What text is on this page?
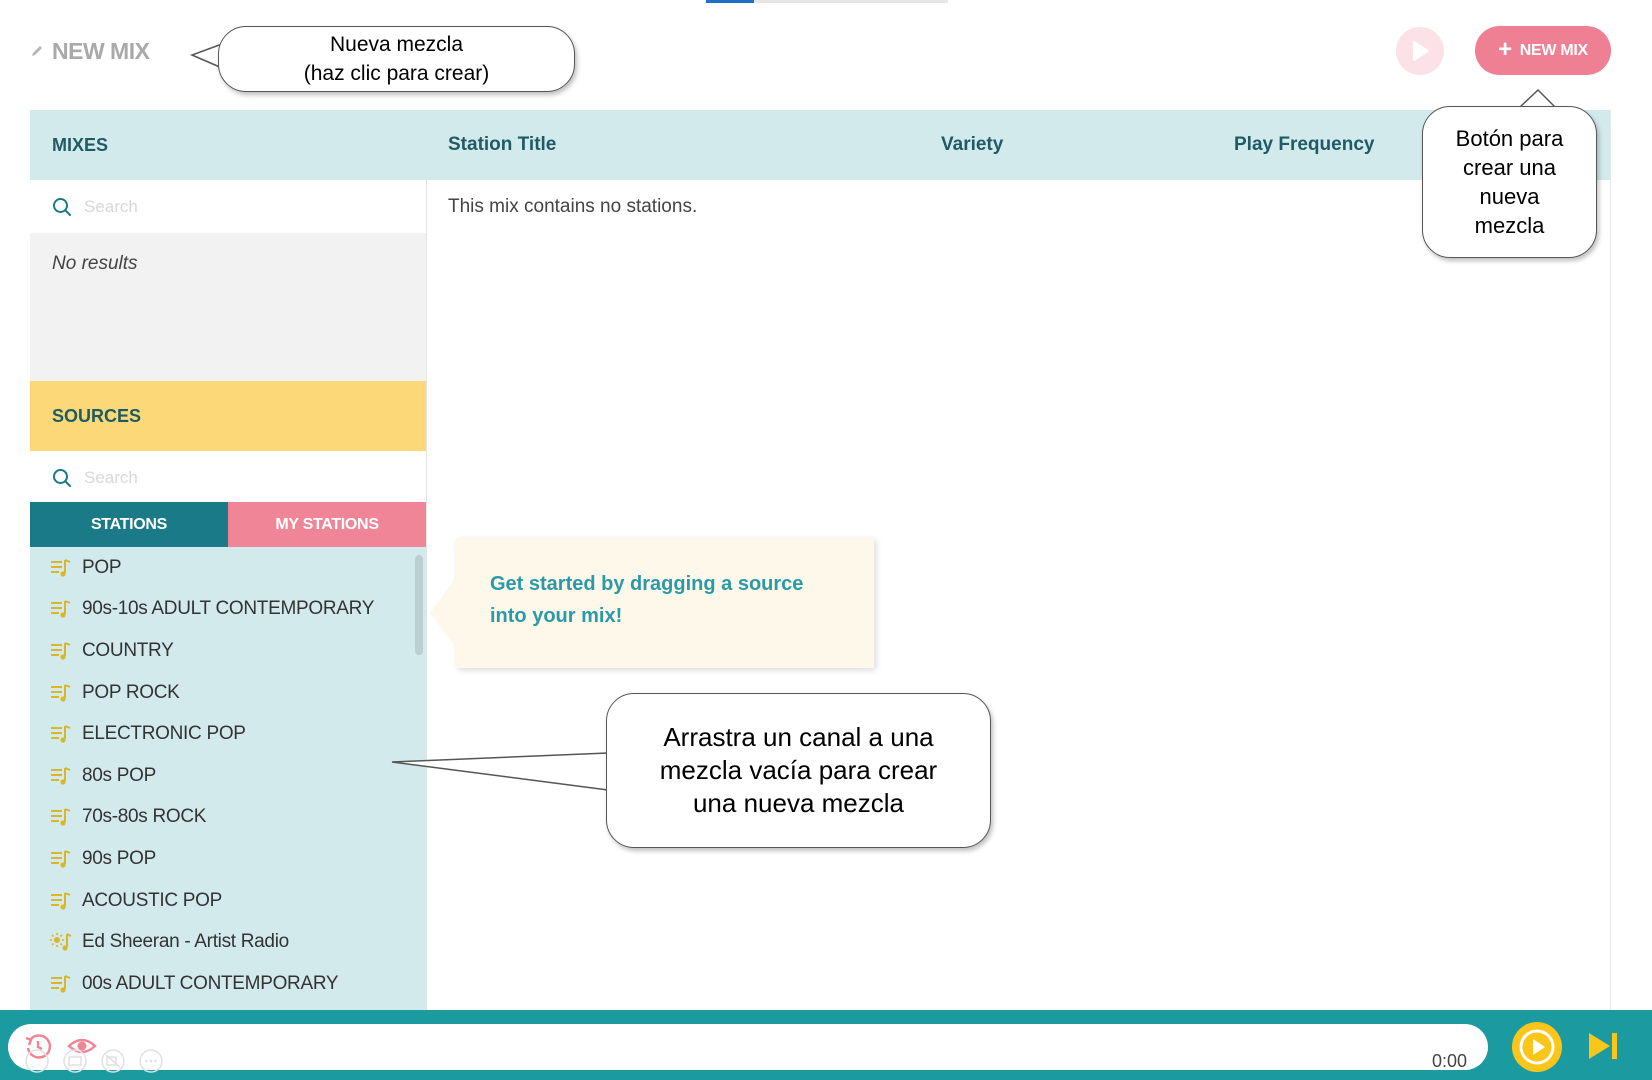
NEW MIX	+ NEW MIX
MIXES
Search
No results
SOURCES
Search
STATIONS	MY STATIONS
POP
90s-10s ADULT CONTEMPORARY
COUNTRY
POP ROCK
ELECTRONIC POP
80s POP
70s-80s ROCK
90s POP
ACOUSTIC POP
Ed Sheeran - Artist Radio
00s ADULT CONTEMPORARY
Station Title	Variety	Play Frequency
This mix contains no stations.
Get started by dragging a source into your mix!
Nueva mezcla
(haz clic para crear)
Botón para
crear una
nueva
mezcla
Arrastra un canal a una
mezcla vacía para crear
una nueva mezcla
0:00
